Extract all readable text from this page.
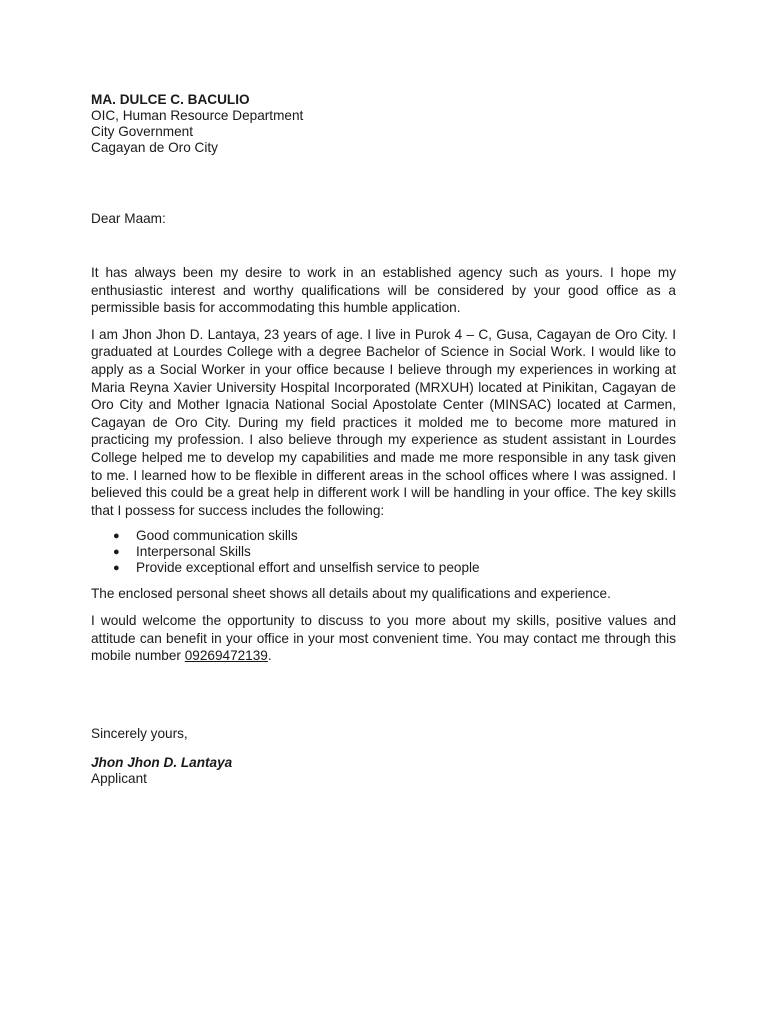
MA. DULCE C. BACULIO

OIC, Human Resource Department

City Government

Cagayan de Oro City

Dear Maam:

It has always been my desire to work in an established agency such as yours. I hope my enthusiastic interest and worthy qualifications will be considered by your good office as a permissible basis for accommodating this humble application.

I am Jhon Jhon D. Lantaya, 23 years of age. I live in Purok 4 – C, Gusa, Cagayan de Oro City. I graduated at Lourdes College with a degree Bachelor of Science in Social Work. I would like to apply as a Social Worker in your office because I believe through my experiences in working at Maria Reyna Xavier University Hospital Incorporated (MRXUH) located at Pinikitan, Cagayan de Oro City and Mother Ignacia National Social Apostolate Center (MINSAC) located at Carmen, Cagayan de Oro City. During my field practices it molded me to become more matured in practicing my profession. I also believe through my experience as student assistant in Lourdes College helped me to develop my capabilities and made me more responsible in any task given to me. I learned how to be flexible in different areas in the school offices where I was assigned. I believed this could be a great help in different work I will be handling in your office. The key skills that I possess for success includes the following:

● Good communication skills
● Interpersonal Skills
● Provide exceptional effort and unselfish service to people

The enclosed personal sheet shows all details about my qualifications and experience.

I would welcome the opportunity to discuss to you more about my skills, positive values and attitude can benefit in your office in your most convenient time. You may contact me through this mobile number 09269472139.

Sincerely yours,
Jhon Jhon D. Lantaya
Applicant
